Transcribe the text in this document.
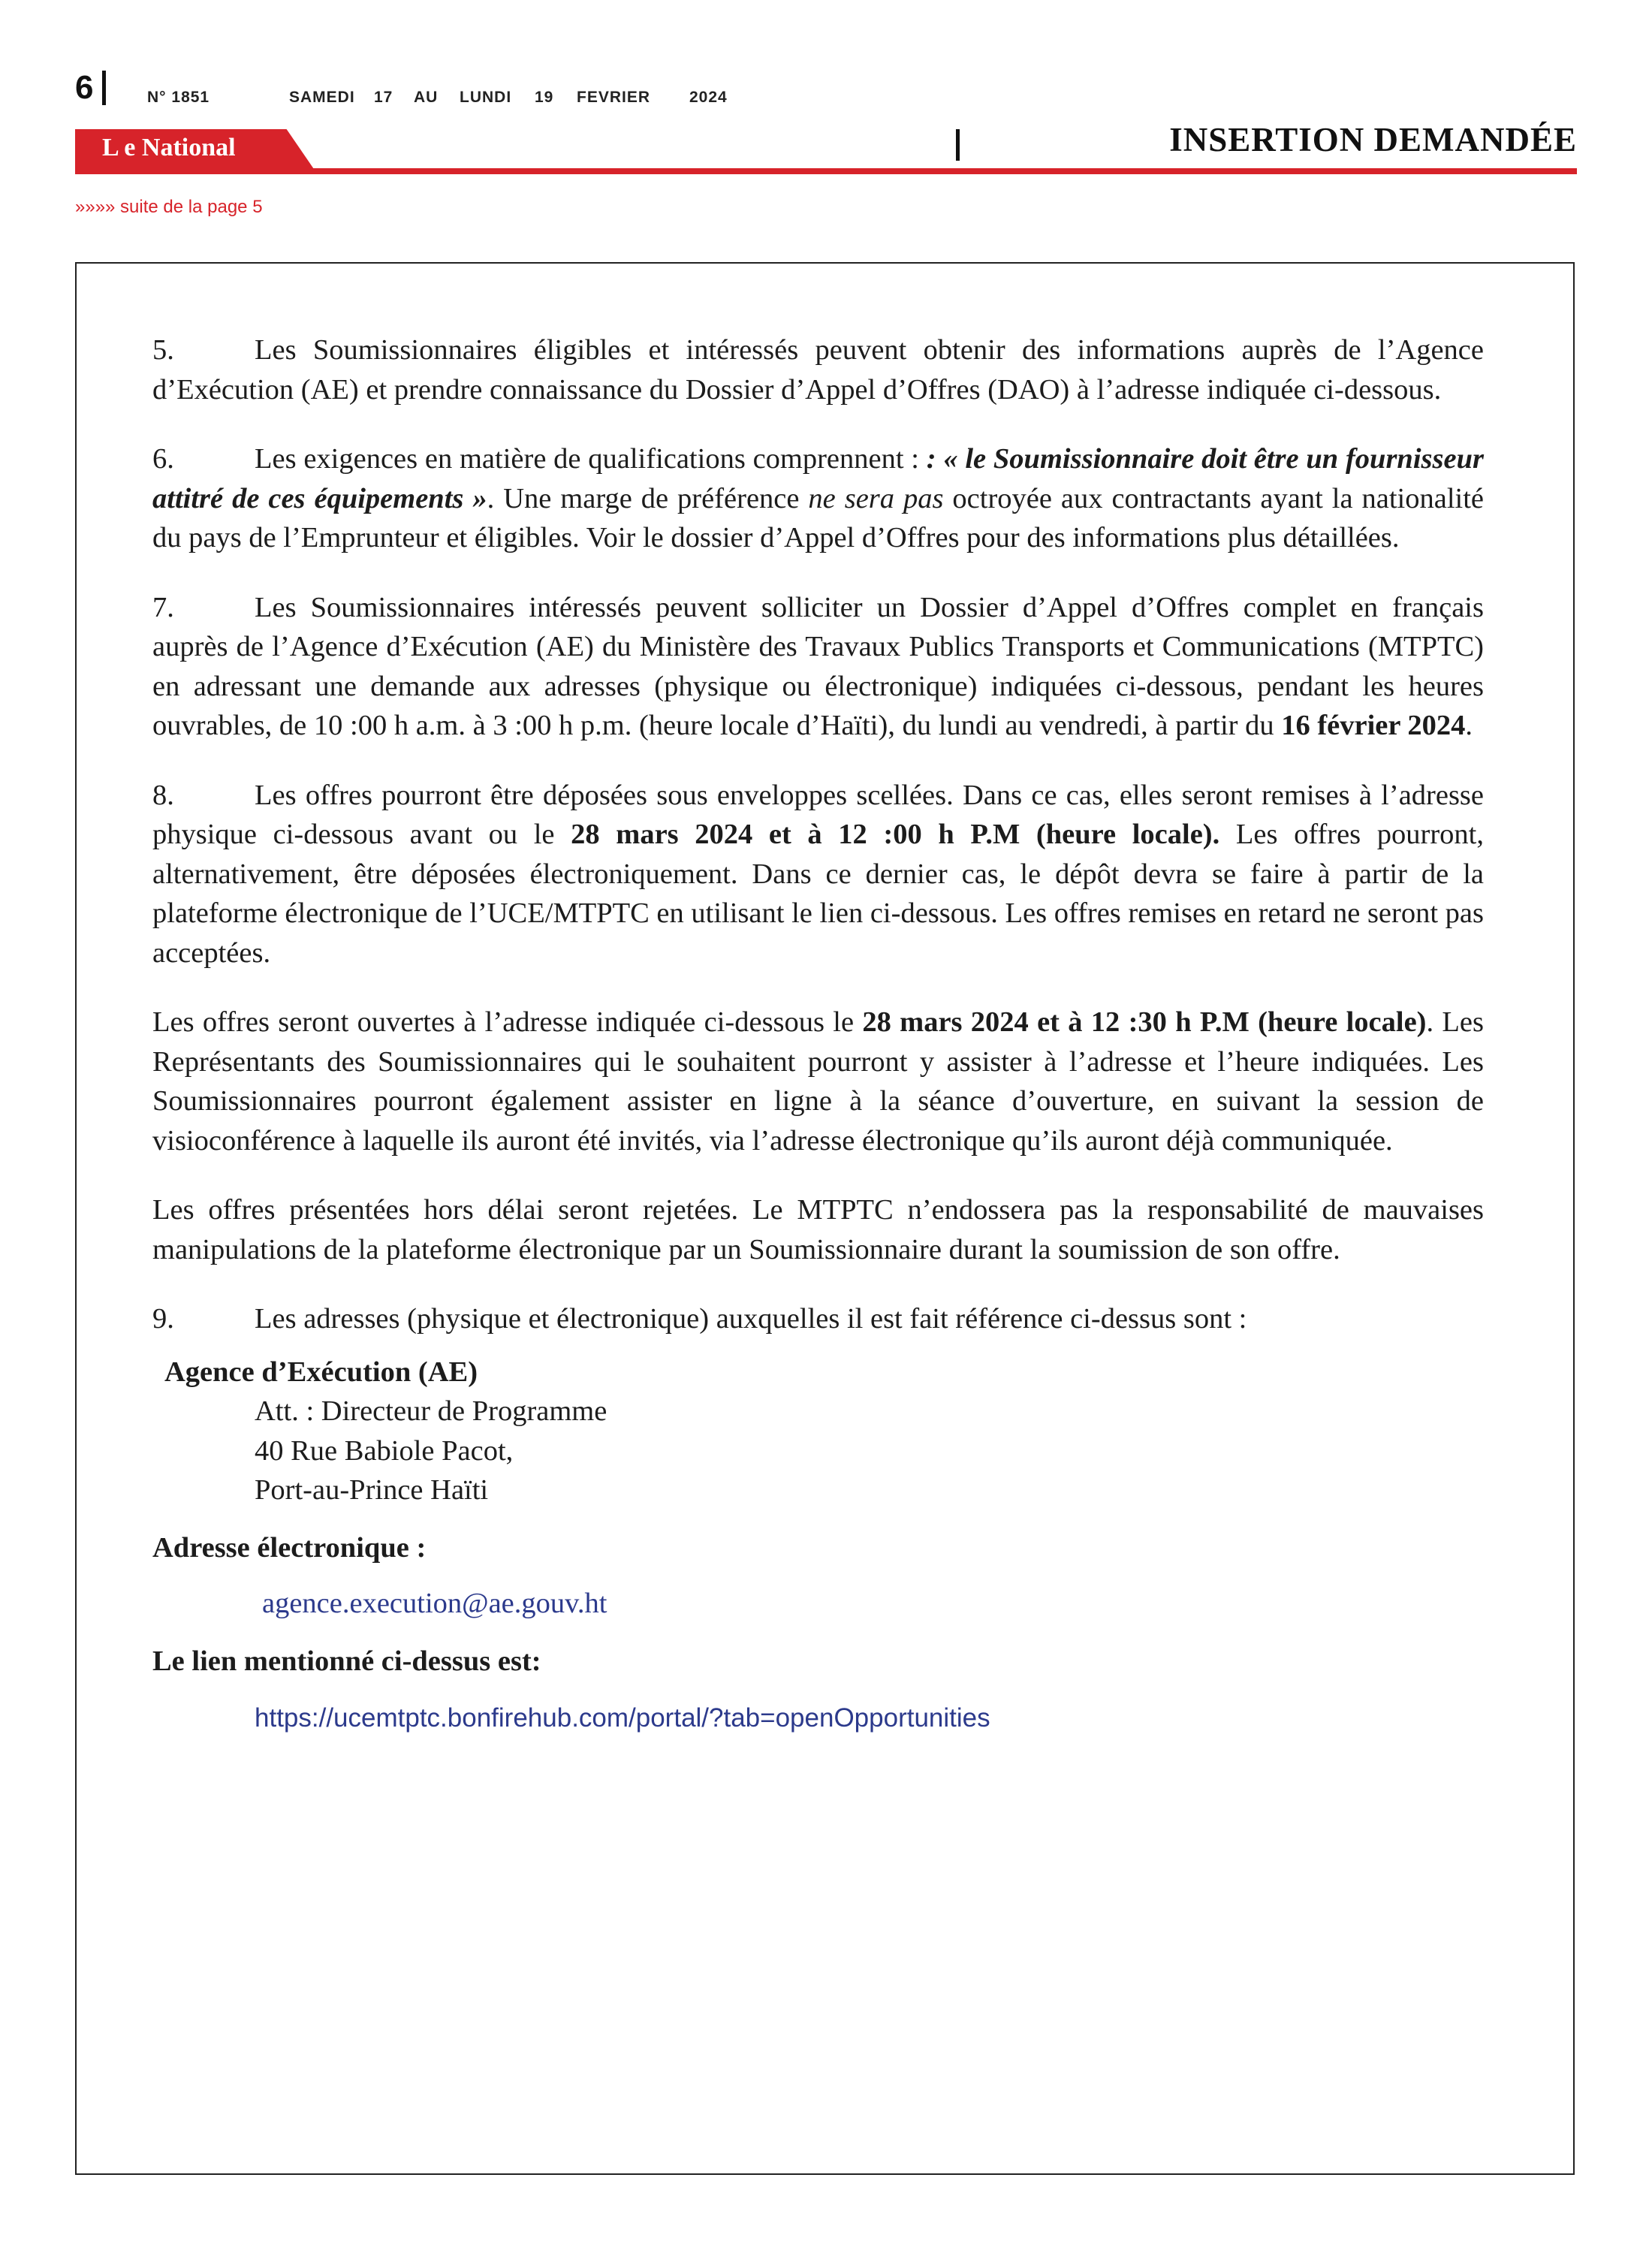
6	N° 1851	SAMEDI 17 AU LUNDI 19 FEVRIER 2024
L e National	INSERTION DEMANDÉE
»»»» suite de la page 5

5.	Les Soumissionnaires éligibles et intéressés peuvent obtenir des informations auprès de l’Agence d’Exécution (AE) et prendre connaissance du Dossier d’Appel d’Offres (DAO) à l’adresse indiquée ci-dessous.

6.	Les exigences en matière de qualifications comprennent : : « le Soumissionnaire doit être un fournisseur attitré de ces équipements ». Une marge de préférence ne sera pas octroyée aux contractants ayant la nationalité du pays de l’Emprunteur et éligibles. Voir le dossier d’Appel d’Offres pour des informations plus détaillées.

7.	Les Soumissionnaires intéressés peuvent solliciter un Dossier d’Appel d’Offres complet en français auprès de l’Agence d’Exécution (AE) du Ministère des Travaux Publics Transports et Communications (MTPTC) en adressant une demande aux adresses (physique ou électronique) indiquées ci-dessous, pendant les heures ouvrables, de 10 :00 h a.m. à 3 :00 h p.m. (heure locale d’Haïti), du lundi au vendredi, à partir du 16 février 2024.

8.	Les offres pourront être déposées sous enveloppes scellées. Dans ce cas, elles seront remises à l’adresse physique ci-dessous avant ou le 28 mars 2024 et à 12 :00 h P.M (heure locale). Les offres pourront, alternativement, être déposées électroniquement. Dans ce dernier cas, le dépôt devra se faire à partir de la plateforme électronique de l’UCE/MTPTC en utilisant le lien ci-dessous. Les offres remises en retard ne seront pas acceptées.

Les offres seront ouvertes à l’adresse indiquée ci-dessous le 28 mars 2024 et à 12 :30 h P.M (heure locale). Les Représentants des Soumissionnaires qui le souhaitent pourront y assister à l’adresse et l’heure indiquées. Les Soumissionnaires pourront également assister en ligne à la séance d’ouverture, en suivant la session de visioconférence à laquelle ils auront été invités, via l’adresse électronique qu’ils auront déjà communiquée.

Les offres présentées hors délai seront rejetées. Le MTPTC n’endossera pas la responsabilité de mauvaises manipulations de la plateforme électronique par un Soumissionnaire durant la soumission de son offre.

9.	Les adresses (physique et électronique) auxquelles il est fait référence ci-dessus sont :

Agence d’Exécution (AE)
Att. : Directeur de Programme
40 Rue Babiole Pacot,
Port-au-Prince Haïti
Adresse électronique :
agence.execution@ae.gouv.ht
Le lien mentionné ci-dessus est:
https://ucemtptc.bonfirehub.com/portal/?tab=openOpportunities
